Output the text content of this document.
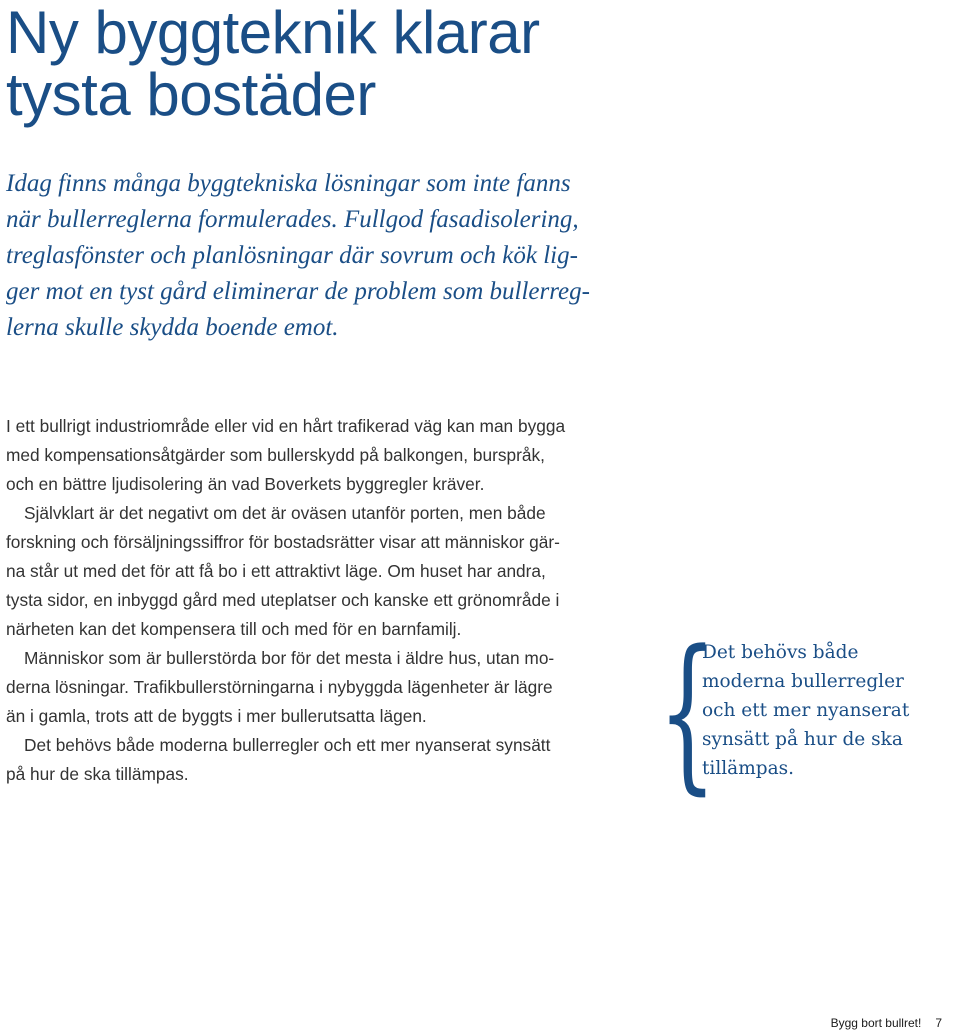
Ny byggteknik klarar
tysta bostäder

Idag finns många byggtekniska lösningar som inte fanns
när bullerreglerna formulerades. Fullgod fasadisolering,
treglasfönster och planlösningar där sovrum och kök lig-
ger mot en tyst gård eliminerar de problem som bullerreg-
lerna skulle skydda boende emot.

I ett bullrigt industriområde eller vid en hårt trafikerad väg kan man bygga
med kompensationsåtgärder som bullerskydd på balkongen, burspråk,
och en bättre ljudisolering än vad Boverkets byggregler kräver.
Självklart är det negativt om det är oväsen utanför porten, men både
forskning och försäljningssiffror för bostadsrätter visar att människor gär-
na står ut med det för att få bo i ett attraktivt läge. Om huset har andra,
tysta sidor, en inbyggd gård med uteplatser och kanske ett grönområde i
närheten kan det kompensera till och med för en barnfamilj.
Människor som är bullerstörda bor för det mesta i äldre hus, utan mo-
derna lösningar. Trafikbullerstörningarna i nybyggda lägenheter är lägre
än i gamla, trots att de byggts i mer bullerutsatta lägen.
Det behövs både moderna bullerregler och ett mer nyanserat synsätt
på hur de ska tillämpas.	{
Det behövs både
moderna bullerregler
och ett mer nyanserat
synsätt på hur de ska
tillämpas.
Bygg bort bullret! 7
